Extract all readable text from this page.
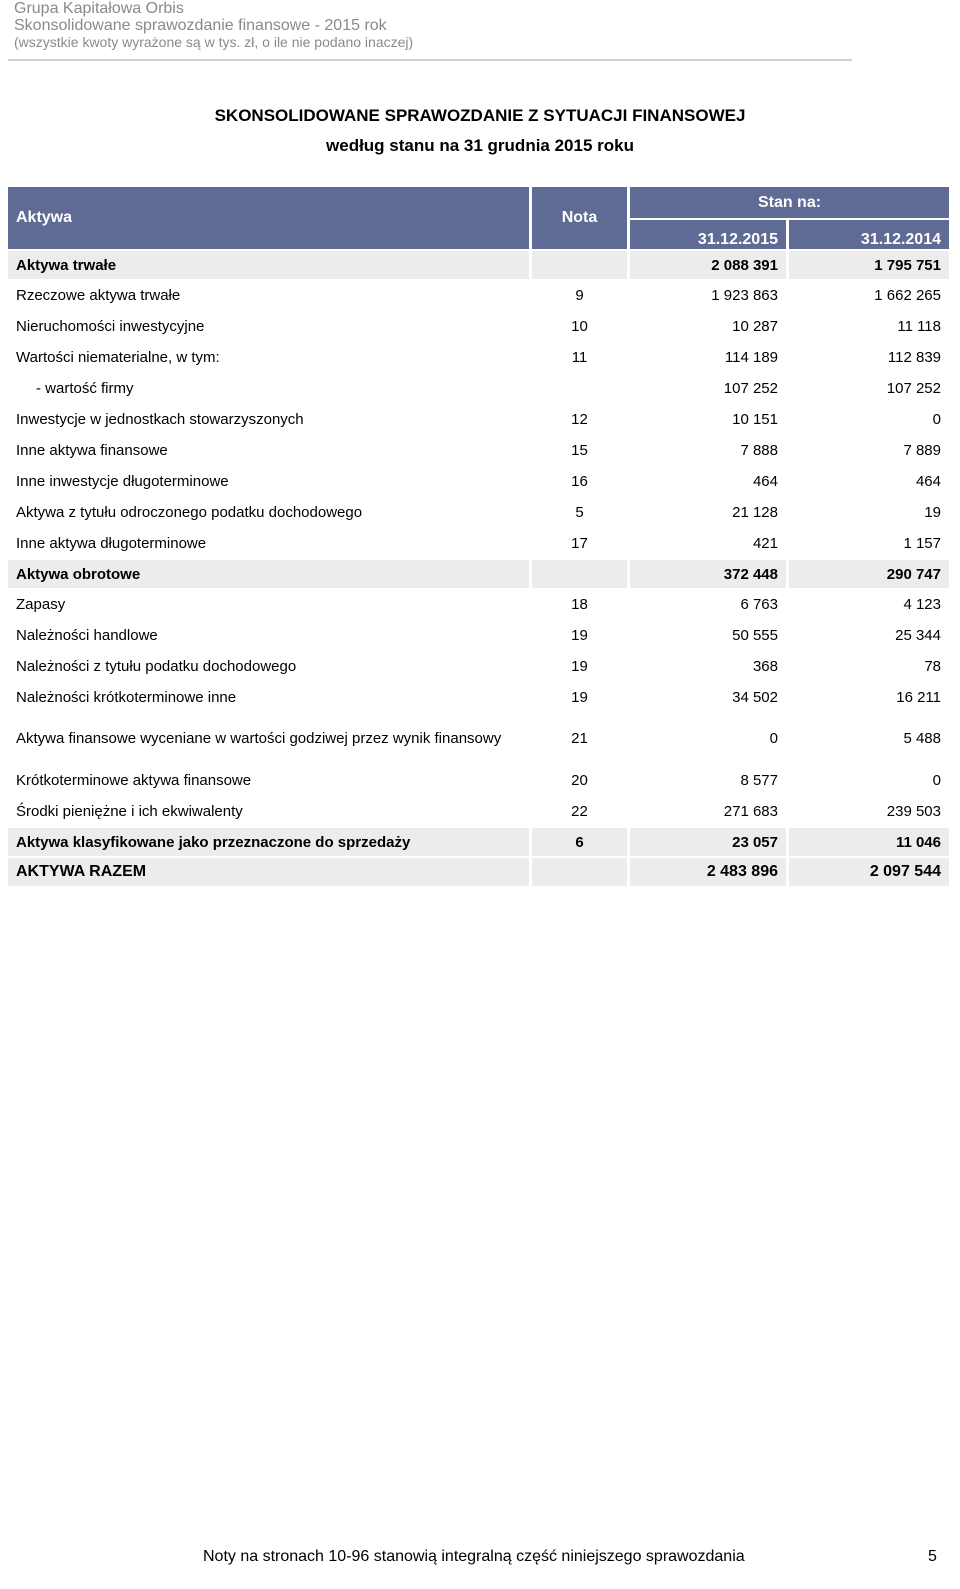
Grupa Kapitałowa Orbis
Skonsolidowane sprawozdanie finansowe - 2015 rok
(wszystkie kwoty wyrażone są w tys. zł, o ile nie podano inaczej)
SKONSOLIDOWANE SPRAWOZDANIE Z SYTUACJI FINANSOWEJ
według stanu na 31 grudnia 2015 roku
Aktywa	Nota	Stan na:	
		31.12.2015	31.12.2014
Aktywa trwałe		2 088 391	1 795 751
Rzeczowe aktywa trwałe	9	1 923 863	1 662 265
Nieruchomości inwestycyjne	10	10 287	11 118
Wartości niematerialne, w tym:	11	114 189	112 839
- wartość firmy		107 252	107 252
Inwestycje w jednostkach stowarzyszonych	12	10 151	0
Inne aktywa finansowe	15	7 888	7 889
Inne inwestycje długoterminowe	16	464	464
Aktywa z tytułu odroczonego podatku dochodowego	5	21 128	19
Inne aktywa długoterminowe	17	421	1 157
Aktywa obrotowe		372 448	290 747
Zapasy	18	6 763	4 123
Należności handlowe	19	50 555	25 344
Należności z tytułu podatku dochodowego	19	368	78
Należności krótkoterminowe inne	19	34 502	16 211
Aktywa finansowe wyceniane w wartości godziwej przez wynik finansowy	21	0	5 488
Krótkoterminowe aktywa finansowe	20	8 577	0
Środki pieniężne i ich ekwiwalenty	22	271 683	239 503
Aktywa klasyfikowane jako przeznaczone do sprzedaży	6	23 057	11 046
AKTYWA RAZEM		2 483 896	2 097 544
Noty na stronach 10-96 stanowią integralną część niniejszego sprawozdania	5
